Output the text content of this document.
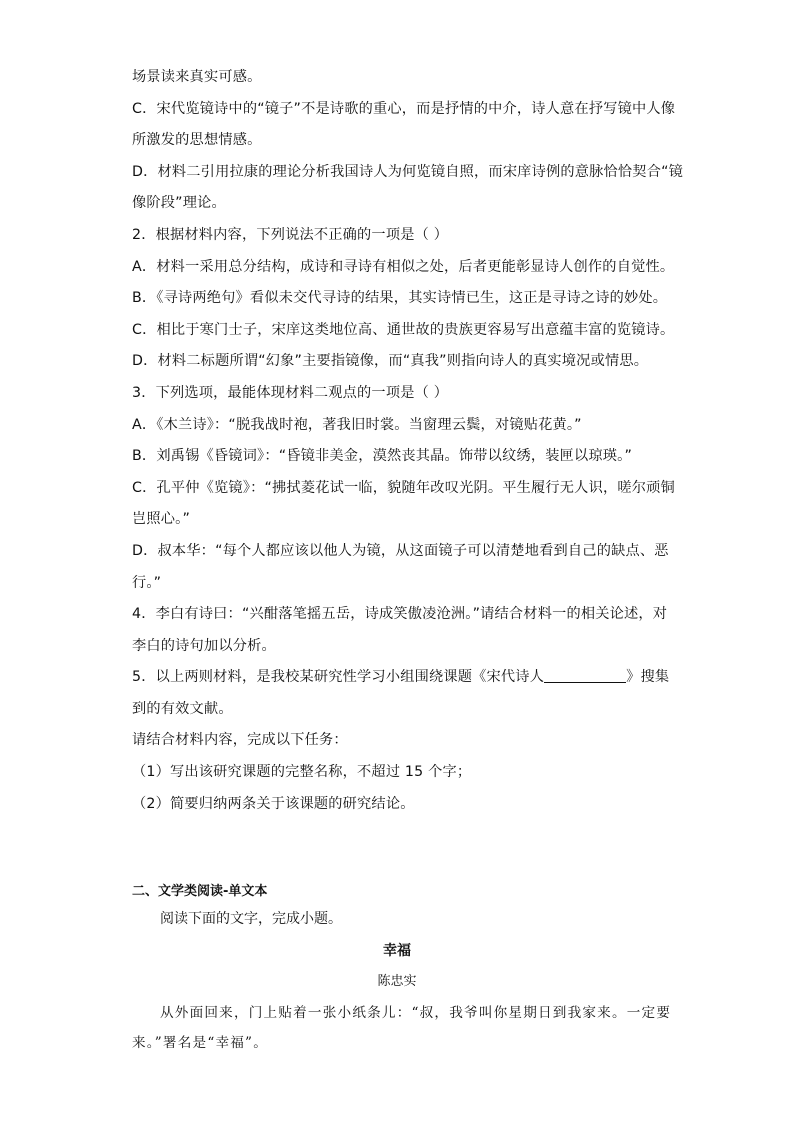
场景读来真实可感。
C．宋代览镜诗中的“镜子”不是诗歌的重心，而是抒情的中介，诗人意在抒写镜中人像
所激发的思想情感。
D．材料二引用拉康的理论分析我国诗人为何览镜自照，而宋庠诗例的意脉恰恰契合“镜
像阶段”理论。
2．根据材料内容，下列说法不正确的一项是（ ）
A．材料一采用总分结构，成诗和寻诗有相似之处，后者更能彰显诗人创作的自觉性。
B．《寻诗两绝句》看似未交代寻诗的结果，其实诗情已生，这正是寻诗之诗的妙处。
C．相比于寒门士子，宋庠这类地位高、通世故的贵族更容易写出意蕴丰富的览镜诗。
D．材料二标题所谓“幻象”主要指镜像，而“真我”则指向诗人的真实境况或情思。
3．下列选项，最能体现材料二观点的一项是（ ）
A．《木兰诗》：“脱我战时袍，著我旧时裳。当窗理云鬓，对镜贴花黄。”
B．刘禹锡《昏镜词》：“昏镜非美金，漠然丧其晶。饰带以纹绣，装匣以琼瑛。”
C．孔平仲《览镜》：“拂拭菱花试一临，貌随年改叹光阴。平生履行无人识，嗟尔顽铜
岂照心。”
D．叔本华：“每个人都应该以他人为镜，从这面镜子可以清楚地看到自己的缺点、恶
行。”
4．李白有诗曰：“兴酣落笔摇五岳，诗成笑傲凌沧洲。”请结合材料一的相关论述，对
李白的诗句加以分析。
5．以上两则材料，是我校某研究性学习小组围绕课题《宋代诗人	》搜集
到的有效文献。
请结合材料内容，完成以下任务：
（1）写出该研究课题的完整名称，不超过 15 个字；
（2）简要归纳两条关于该课题的研究结论。
二、文学类阅读-单文本
阅读下面的文字，完成小题。
幸福
陈忠实
从外面回来，门上贴着一张小纸条儿：“叔，我爷叫你星期日到我家来。一定要
来。”署名是“幸福”。
